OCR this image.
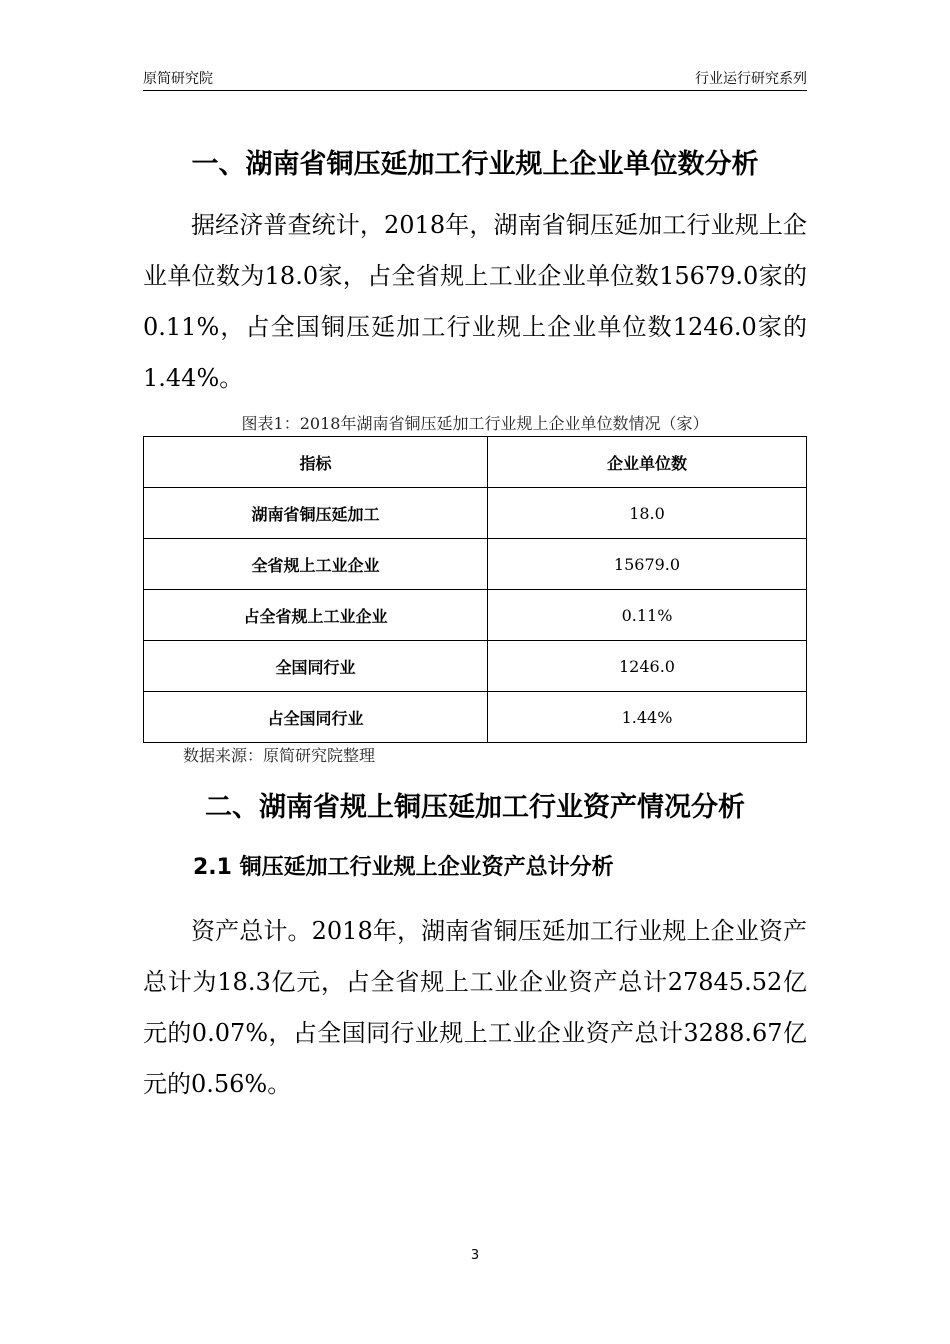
原简研究院	行业运行研究系列
一、湖南省铜压延加工行业规上企业单位数分析

据经济普查统计，2018年，湖南省铜压延加工行业规上企业单位数为18.0家，占全省规上工业企业单位数15679.0家的0.11%，占全国铜压延加工行业规上企业单位数1246.0家的1.44%。

图表1：2018年湖南省铜压延加工行业规上企业单位数情况（家）
指标	企业单位数
湖南省铜压延加工	18.0
全省规上工业企业	15679.0
占全省规上工业企业	0.11%
全国同行业	1246.0
占全国同行业	1.44%
数据来源：原简研究院整理
二、湖南省规上铜压延加工行业资产情况分析
2.1 铜压延加工行业规上企业资产总计分析

资产总计。2018年，湖南省铜压延加工行业规上企业资产总计为18.3亿元，占全省规上工业企业资产总计27845.52亿元的0.07%，占全国同行业规上工业企业资产总计3288.67亿元的0.56%。

3
